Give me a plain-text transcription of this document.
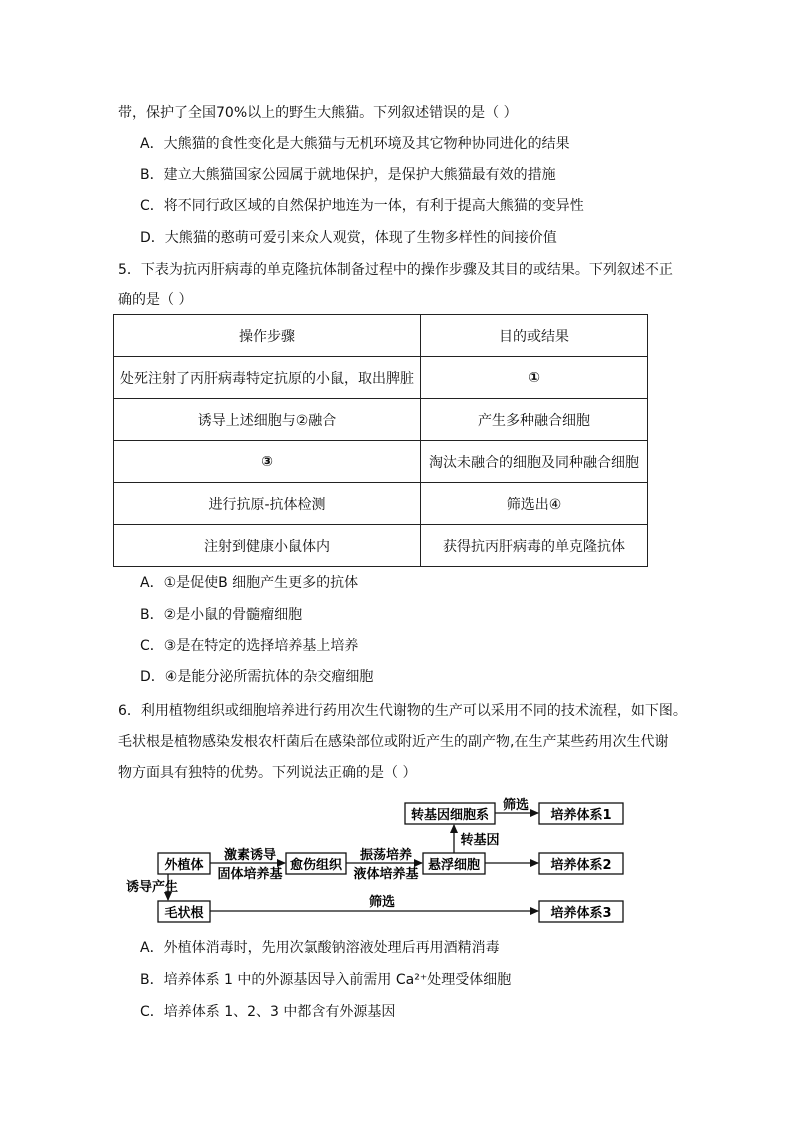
带，保护了全国70%以上的野生大熊猫。下列叙述错误的是（ ）
A．大熊猫的食性变化是大熊猫与无机环境及其它物种协同进化的结果
B．建立大熊猫国家公园属于就地保护，是保护大熊猫最有效的措施
C．将不同行政区域的自然保护地连为一体，有利于提高大熊猫的变异性
D．大熊猫的憨萌可爱引来众人观赏，体现了生物多样性的间接价值
5．下表为抗丙肝病毒的单克隆抗体制备过程中的操作步骤及其目的或结果。下列叙述不正
确的是（ ）
操作步骤	目的或结果
处死注射了丙肝病毒特定抗原的小鼠，取出脾脏	①
诱导上述细胞与②融合	产生多种融合细胞
③	淘汰未融合的细胞及同种融合细胞
进行抗原-抗体检测	筛选出④
注射到健康小鼠体内	获得抗丙肝病毒的单克隆抗体
A．①是促使B 细胞产生更多的抗体
B．②是小鼠的骨髓瘤细胞
C．③是在特定的选择培养基上培养
D．④是能分泌所需抗体的杂交瘤细胞
6．利用植物组织或细胞培养进行药用次生代谢物的生产可以采用不同的技术流程，如下图。
毛状根是植物感染发根农杆菌后在感染部位或附近产生的副产物,在生产某些药用次生代谢
物方面具有独特的优势。下列说法正确的是（ ）
转基因细胞系	培养体系1
外植体	愈伤组织	悬浮细胞	培养体系2
毛状根	培养体系3
激素诱导
固体培养基
振荡培养
液体培养基
转基因
筛选
筛选
诱导产生
A．外植体消毒时，先用次氯酸钠溶液处理后再用酒精消毒
B．培养体系 1 中的外源基因导入前需用 Ca²⁺处理受体细胞
C．培养体系 1、2、3 中都含有外源基因
